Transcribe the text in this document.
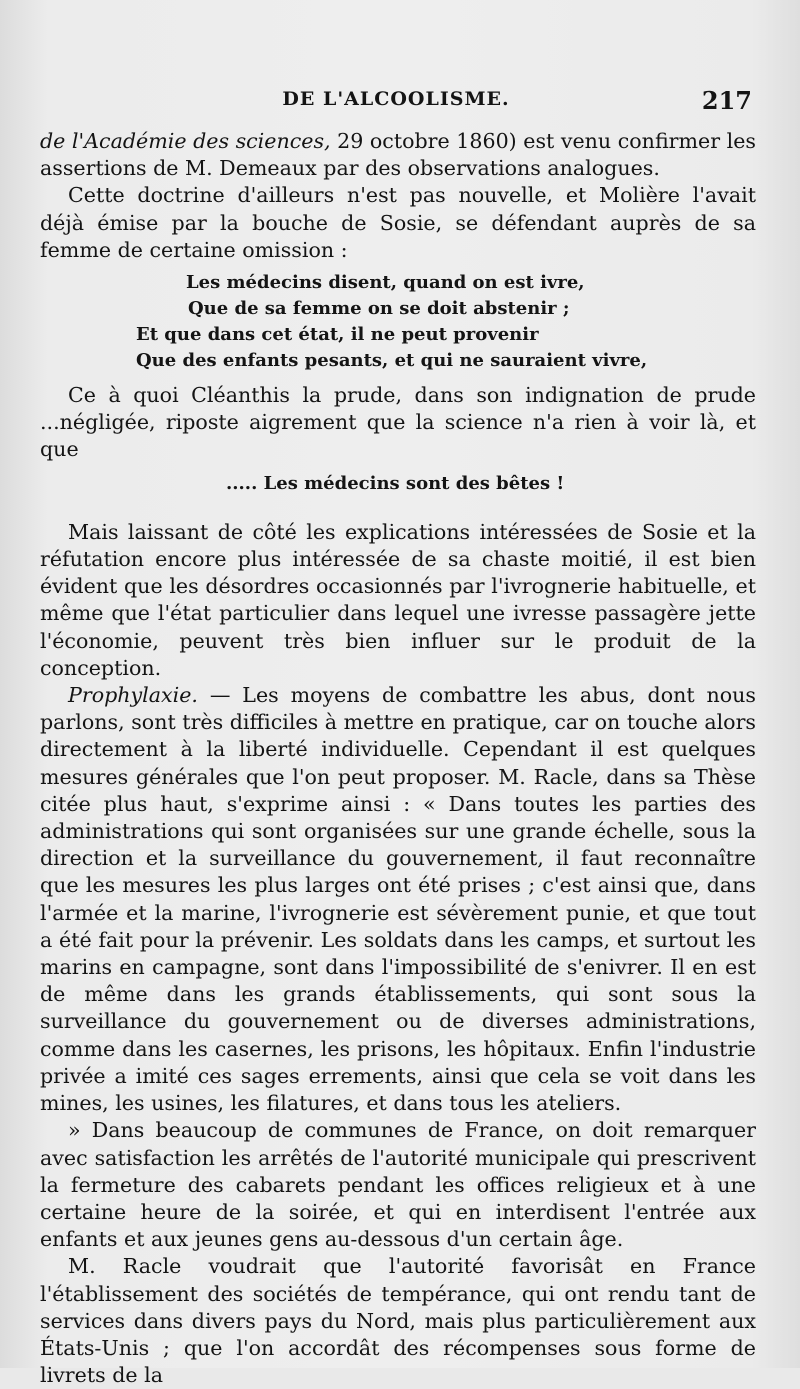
DE L'ALCOOLISME.	217

de l'Académie des sciences, 29 octobre 1860) est venu confirmer les assertions de M. Demeaux par des observations analogues.

Cette doctrine d'ailleurs n'est pas nouvelle, et Molière l'avait déjà émise par la bouche de Sosie, se défendant auprès de sa femme de certaine omission :

Les médecins disent, quand on est ivre,
Que de sa femme on se doit abstenir ;
Et que dans cet état, il ne peut provenir
Que des enfants pesants, et qui ne sauraient vivre,

Ce à quoi Cléanthis la prude, dans son indignation de prude ...négligée, riposte aigrement que la science n'a rien à voir là, et que

..... Les médecins sont des bêtes !

Mais laissant de côté les explications intéressées de Sosie et la réfutation encore plus intéressée de sa chaste moitié, il est bien évident que les désordres occasionnés par l'ivrognerie habituelle, et même que l'état particulier dans lequel une ivresse passagère jette l'économie, peuvent très bien influer sur le produit de la conception.

Prophylaxie. — Les moyens de combattre les abus, dont nous parlons, sont très difficiles à mettre en pratique, car on touche alors directement à la liberté individuelle. Cependant il est quelques mesures générales que l'on peut proposer. M. Racle, dans sa Thèse citée plus haut, s'exprime ainsi : « Dans toutes les parties des administrations qui sont organisées sur une grande échelle, sous la direction et la surveillance du gouvernement, il faut reconnaître que les mesures les plus larges ont été prises ; c'est ainsi que, dans l'armée et la marine, l'ivrognerie est sévèrement punie, et que tout a été fait pour la prévenir. Les soldats dans les camps, et surtout les marins en campagne, sont dans l'impossibilité de s'enivrer. Il en est de même dans les grands établissements, qui sont sous la surveillance du gouvernement ou de diverses administrations, comme dans les casernes, les prisons, les hôpitaux. Enfin l'industrie privée a imité ces sages errements, ainsi que cela se voit dans les mines, les usines, les filatures, et dans tous les ateliers.

» Dans beaucoup de communes de France, on doit remarquer avec satisfaction les arrêtés de l'autorité municipale qui prescrivent la fermeture des cabarets pendant les offices religieux et à une certaine heure de la soirée, et qui en interdisent l'entrée aux enfants et aux jeunes gens au-dessous d'un certain âge.

M. Racle voudrait que l'autorité favorisât en France l'établissement des sociétés de tempérance, qui ont rendu tant de services dans divers pays du Nord, mais plus particulièrement aux États-Unis ; que l'on accordât des récompenses sous forme de livrets de la
